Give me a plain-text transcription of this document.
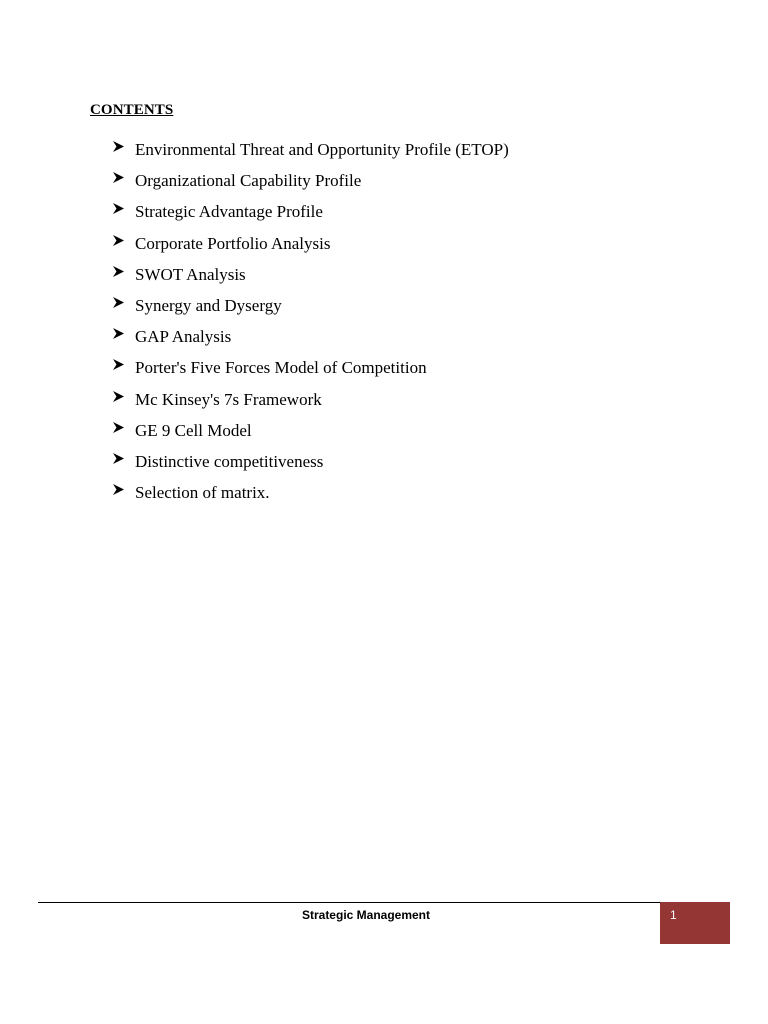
CONTENTS
Environmental Threat and Opportunity Profile (ETOP)
Organizational Capability Profile
Strategic Advantage Profile
Corporate Portfolio Analysis
SWOT Analysis
Synergy and Dysergy
GAP Analysis
Porter's Five Forces Model of Competition
Mc Kinsey's 7s Framework
GE 9 Cell Model
Distinctive competitiveness
Selection of matrix.
Strategic Management	1
